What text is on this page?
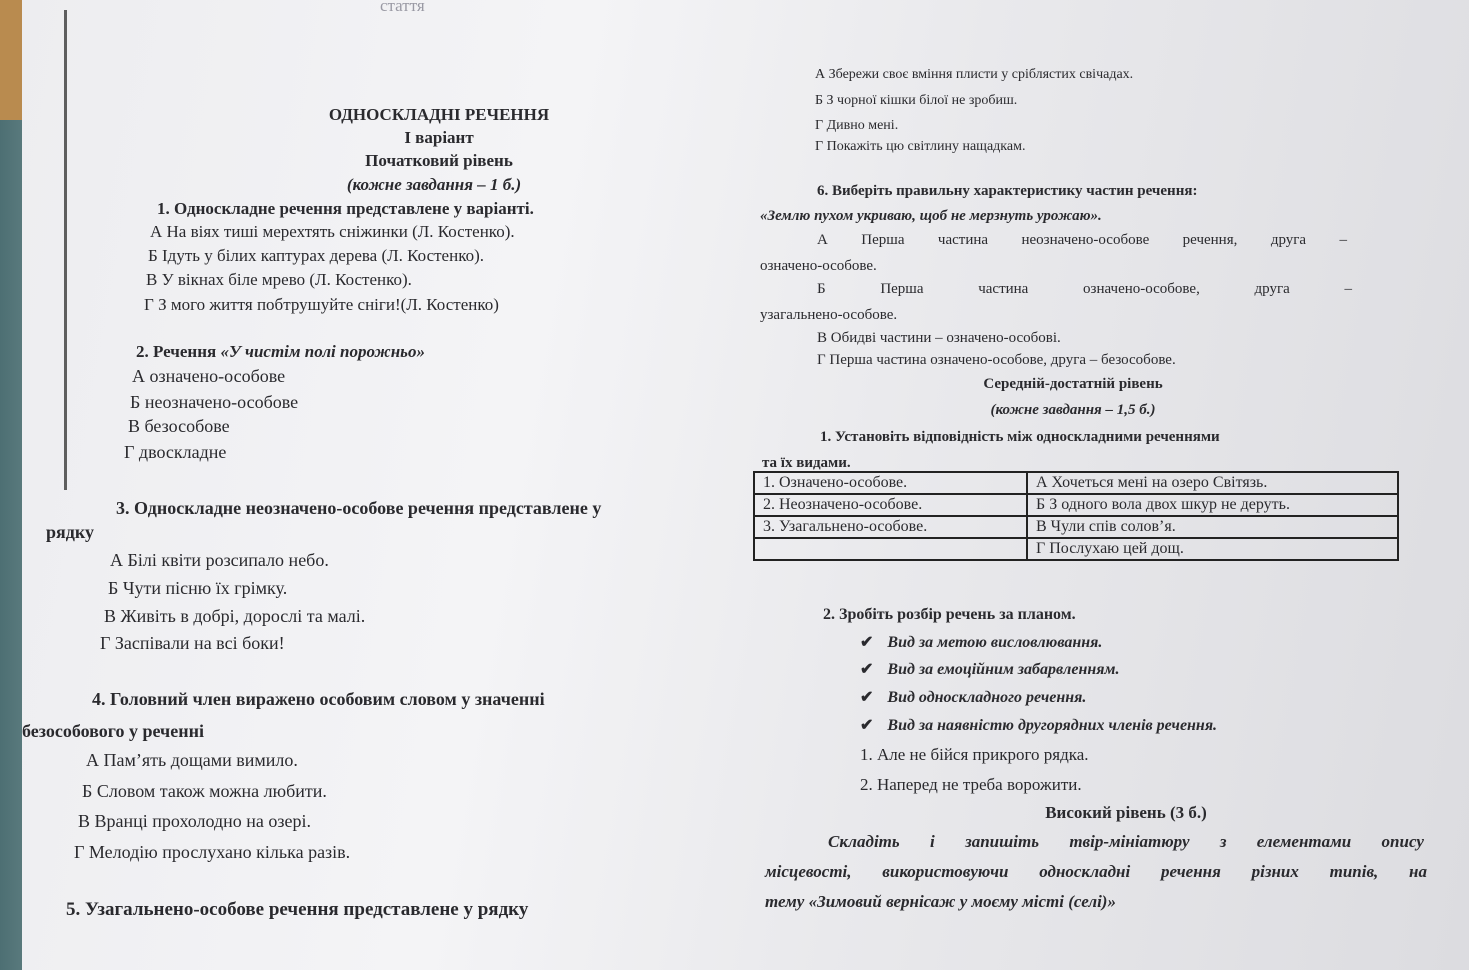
стаття
ОДНОСКЛАДНІ РЕЧЕННЯ
І варіант
Початковий рівень
(кожне завдання – 1 б.)
1. Односкладне речення представлене у варіанті.
А На віях тиші мерехтять сніжинки (Л. Костенко).
Б Ідуть у білих каптурах дерева (Л. Костенко).
В У вікнах біле мрево (Л. Костенко).
Г З мого життя побтрушуйте сніги!(Л. Костенко)
2. Речення «У чистім полі порожньо»
А означено-особове
Б неозначено-особове
В безособове
Г двоскладне
3. Односкладне неозначено-особове речення представлене у
рядку
А Білі квіти розсипало небо.
Б Чути пісню їх грімку.
В Живіть в добрі, дорослі та малі.
Г Заспівали на всі боки!
4. Головний член виражено особовим словом у значенні
безособового у реченні
А Пам’ять дощами вимило.
Б Словом також можна любити.
В Вранці прохолодно на озері.
Г Мелодію прослухано кілька разів.
5. Узагальнено-особове речення представлене у рядку
А Збережи своє вміння плисти у сріблястих свічадах.
Б З чорної кішки білої не зробиш.
Г Дивно мені.
Г Покажіть цю світлину нащадкам.
6. Виберіть правильну характеристику частин речення:
«Землю пухом укриваю, щоб не мерзнуть урожаю».
А Перша частина неозначено-особове речення, друга –
означено-особове.
Б	Перша	частина	означено-особове,	друга	–
узагальнено-особове.
В Обидві частини – означено-особові.
Г Перша частина означено-особове, друга – безособове.
Середній-достатній рівень
(кожне завдання – 1,5 б.)
1. Установіть відповідність між односкладними реченнями
та їх видами.
1. Означено-особове.	А Хочеться мені на озеро Світязь.
2. Неозначено-особове.	Б З одного вола двох шкур не деруть.
3. Узагальнено-особове.	В Чули спів солов’я.
	Г Послухаю цей дощ.
2. Зробіть розбір речень за планом.
✔ Вид за метою висловлювання.
✔ Вид за емоційним забарвленням.
✔ Вид односкладного речення.
✔ Вид за наявністю другорядних членів речення.
1. Але не бійся прикрого рядка.
2. Наперед не треба ворожити.
Високий рівень (3 б.)
Складіть і запишіть твір-мініатюру з елементами опису
місцевості, використовуючи односкладні речення різних типів, на
тему «Зимовий вернісаж у моєму місті (селі)»
